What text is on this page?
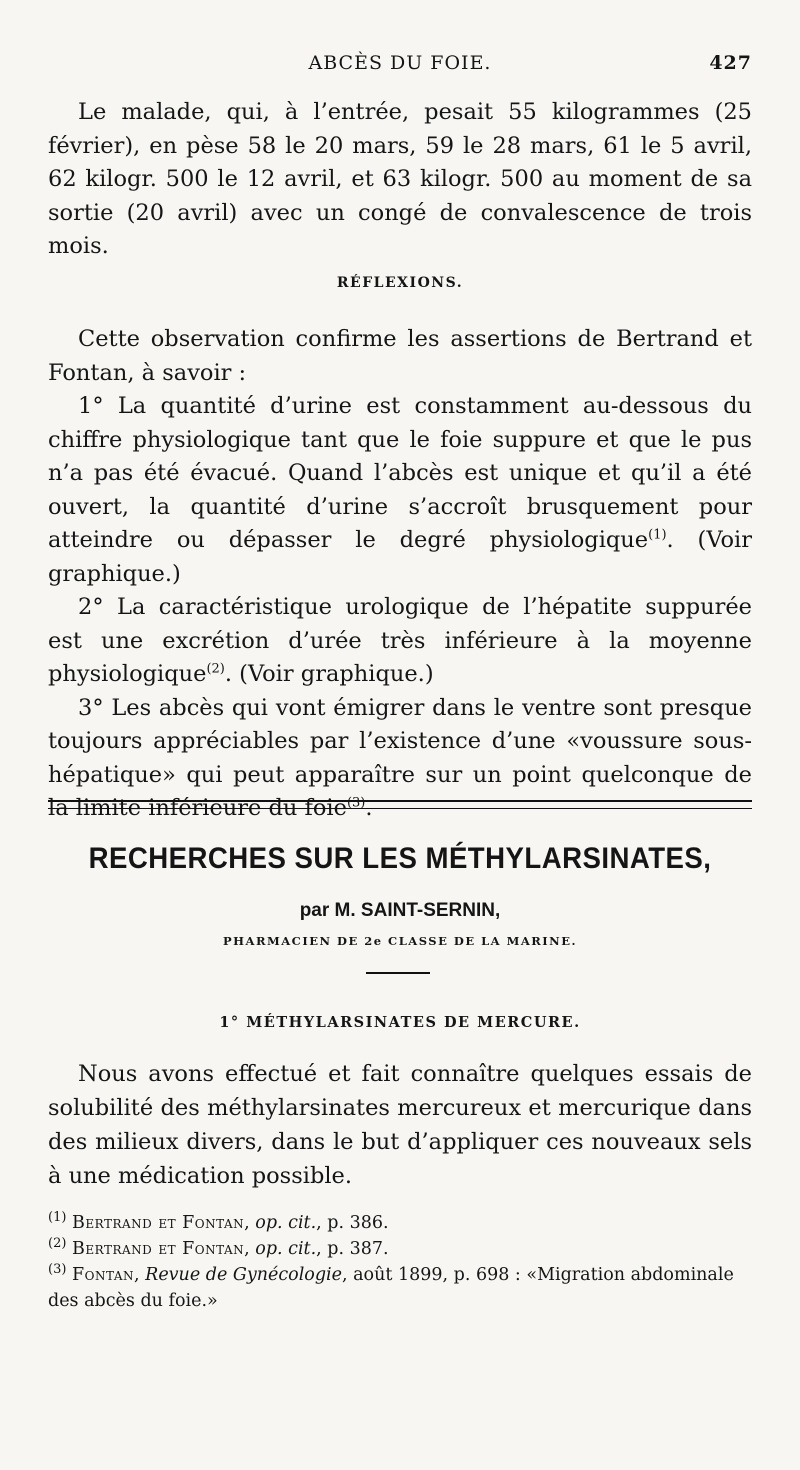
ABCÈS DU FOIE.	427

Le malade, qui, à l’entrée, pesait 55 kilogrammes (25 février), en pèse 58 le 20 mars, 59 le 28 mars, 61 le 5 avril, 62 kilogr. 500 le 12 avril, et 63 kilogr. 500 au moment de sa sortie (20 avril) avec un congé de convalescence de trois mois.

RÉFLEXIONS.

Cette observation confirme les assertions de Bertrand et Fontan, à savoir :

1° La quantité d’urine est constamment au-dessous du chiffre physiologique tant que le foie suppure et que le pus n’a pas été évacué. Quand l’abcès est unique et qu’il a été ouvert, la quantité d’urine s’accroît brusquement pour atteindre ou dépasser le degré physiologique$^{(1)}$. (Voir graphique.)

2° La caractéristique urologique de l’hépatite suppurée est une excrétion d’urée très inférieure à la moyenne physiologique$^{(2)}$. (Voir graphique.)

3° Les abcès qui vont émigrer dans le ventre sont presque toujours appréciables par l’existence d’une «voussure sous-hépatique» qui peut apparaître sur un point quelconque de la limite inférieure du foie$^{(3)}$.

RECHERCHES SUR LES MÉTHYLARSINATES,

par M. SAINT-SERNIN,

PHARMACIEN DE 2e CLASSE DE LA MARINE.

1° MÉTHYLARSINATES DE MERCURE.

Nous avons effectué et fait connaître quelques essais de solubilité des méthylarsinates mercureux et mercurique dans des milieux divers, dans le but d’appliquer ces nouveaux sels à une médication possible.

$^{(1)}$ Bertrand et Fontan, op. cit., p. 386.

$^{(2)}$ Bertrand et Fontan, op. cit., p. 387.

$^{(3)}$ Fontan, Revue de Gynécologie, août 1899, p. 698 : «Migration abdominale des abcès du foie.»
